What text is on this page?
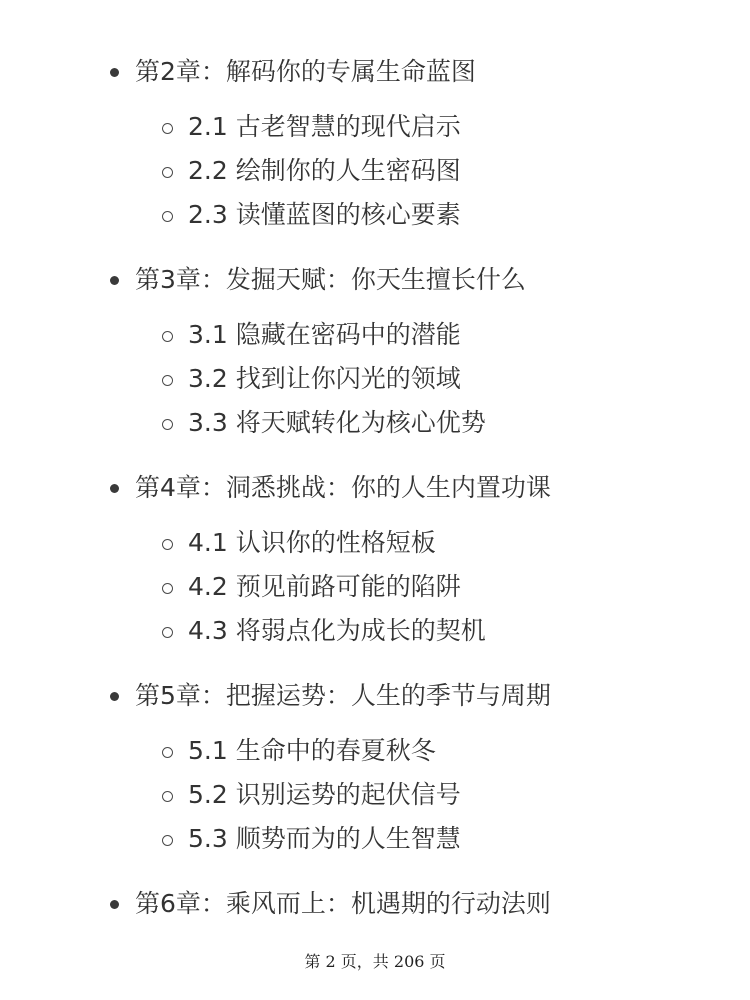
第2章：解码你的专属生命蓝图
2.1 古老智慧的现代启示
2.2 绘制你的人生密码图
2.3 读懂蓝图的核心要素
第3章：发掘天赋：你天生擅长什么
3.1 隐藏在密码中的潜能
3.2 找到让你闪光的领域
3.3 将天赋转化为核心优势
第4章：洞悉挑战：你的人生内置功课
4.1 认识你的性格短板
4.2 预见前路可能的陷阱
4.3 将弱点化为成长的契机
第5章：把握运势：人生的季节与周期
5.1 生命中的春夏秋冬
5.2 识别运势的起伏信号
5.3 顺势而为的人生智慧
第6章：乘风而上：机遇期的行动法则
第 2 页，共 206 页
